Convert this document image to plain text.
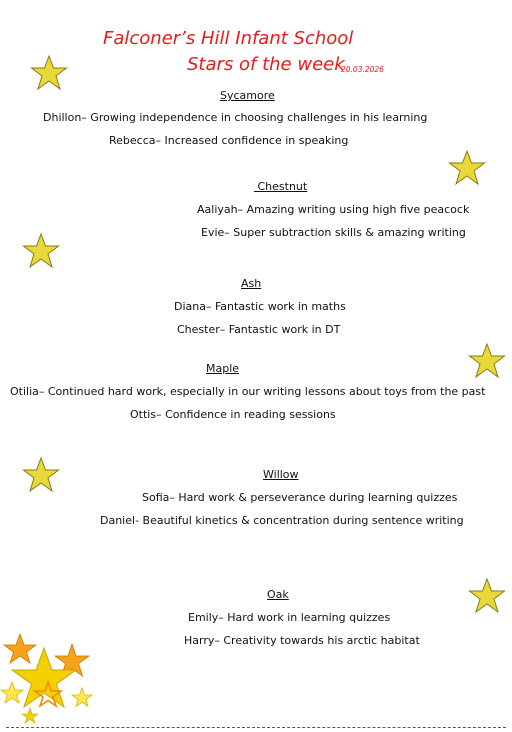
Falconer’s Hill Infant School
Stars of the week
20.03.2026
Sycamore
Dhillon– Growing independence in choosing challenges in his learning
Rebecca– Increased confidence in speaking
Chestnut
Aaliyah– Amazing writing using high five peacock
Evie– Super subtraction skills & amazing writing
Ash
Diana– Fantastic work in maths
Chester– Fantastic work in DT
Maple
Otilia– Continued hard work, especially in our writing lessons about toys from the past
Ottis– Confidence in reading sessions
Willow
Sofia– Hard work & perseverance during learning quizzes
Daniel- Beautiful kinetics & concentration during sentence writing
Oak
Emily– Hard work in learning quizzes
Harry– Creativity towards his arctic habitat
